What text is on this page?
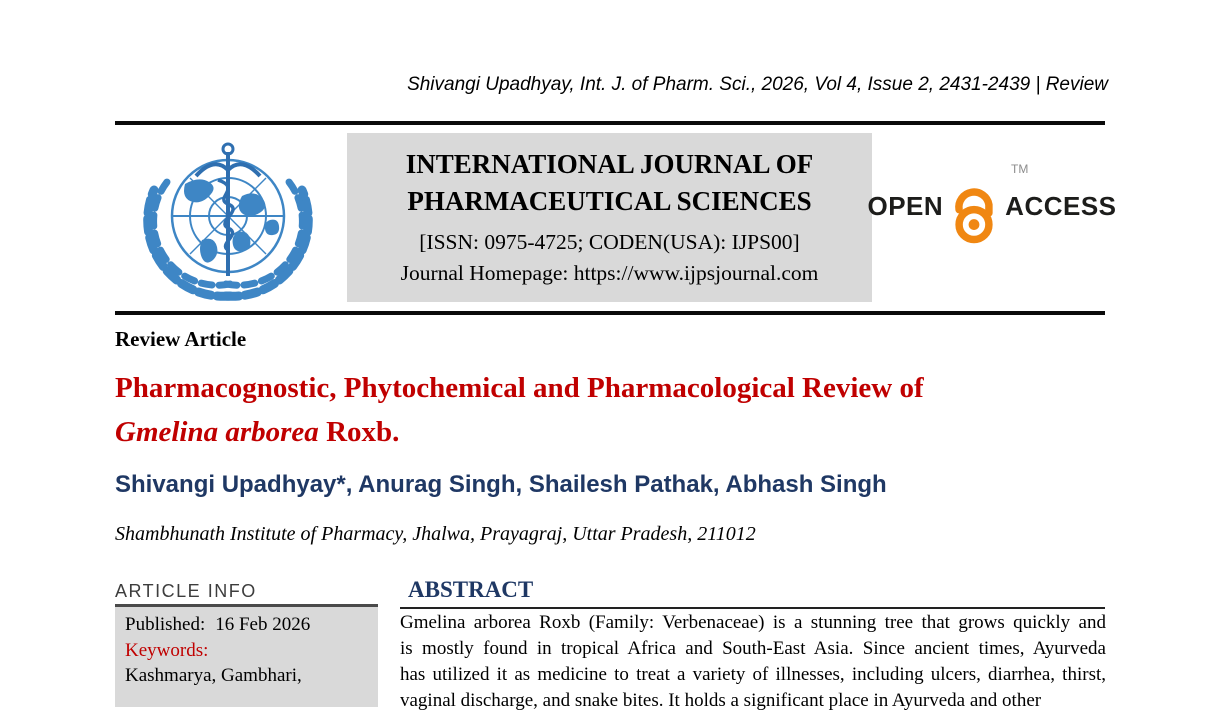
Shivangi Upadhyay, Int. J. of Pharm. Sci., 2026, Vol 4, Issue 2, 2431-2439 | Review
INTERNATIONAL JOURNAL OF
PHARMACEUTICAL SCIENCES
[ISSN: 0975-4725; CODEN(USA): IJPS00]
Journal Homepage: https://www.ijpsjournal.com
OPEN ACCESS
TM
Review Article
Pharmacognostic, Phytochemical and Pharmacological Review of
Gmelina arborea Roxb.
Shivangi Upadhyay*, Anurag Singh, Shailesh Pathak, Abhash Singh
Shambhunath Institute of Pharmacy, Jhalwa, Prayagraj, Uttar Pradesh, 211012
ARTICLE INFO
Published: 16 Feb 2026
Keywords:
Kashmarya, Gambhari,
ABSTRACT
Gmelina arborea Roxb (Family: Verbenaceae) is a stunning tree that grows quickly and
is mostly found in tropical Africa and South-East Asia. Since ancient times, Ayurveda
has utilized it as medicine to treat a variety of illnesses, including ulcers, diarrhea, thirst,
vaginal discharge, and snake bites. It holds a significant place in Ayurveda and other
